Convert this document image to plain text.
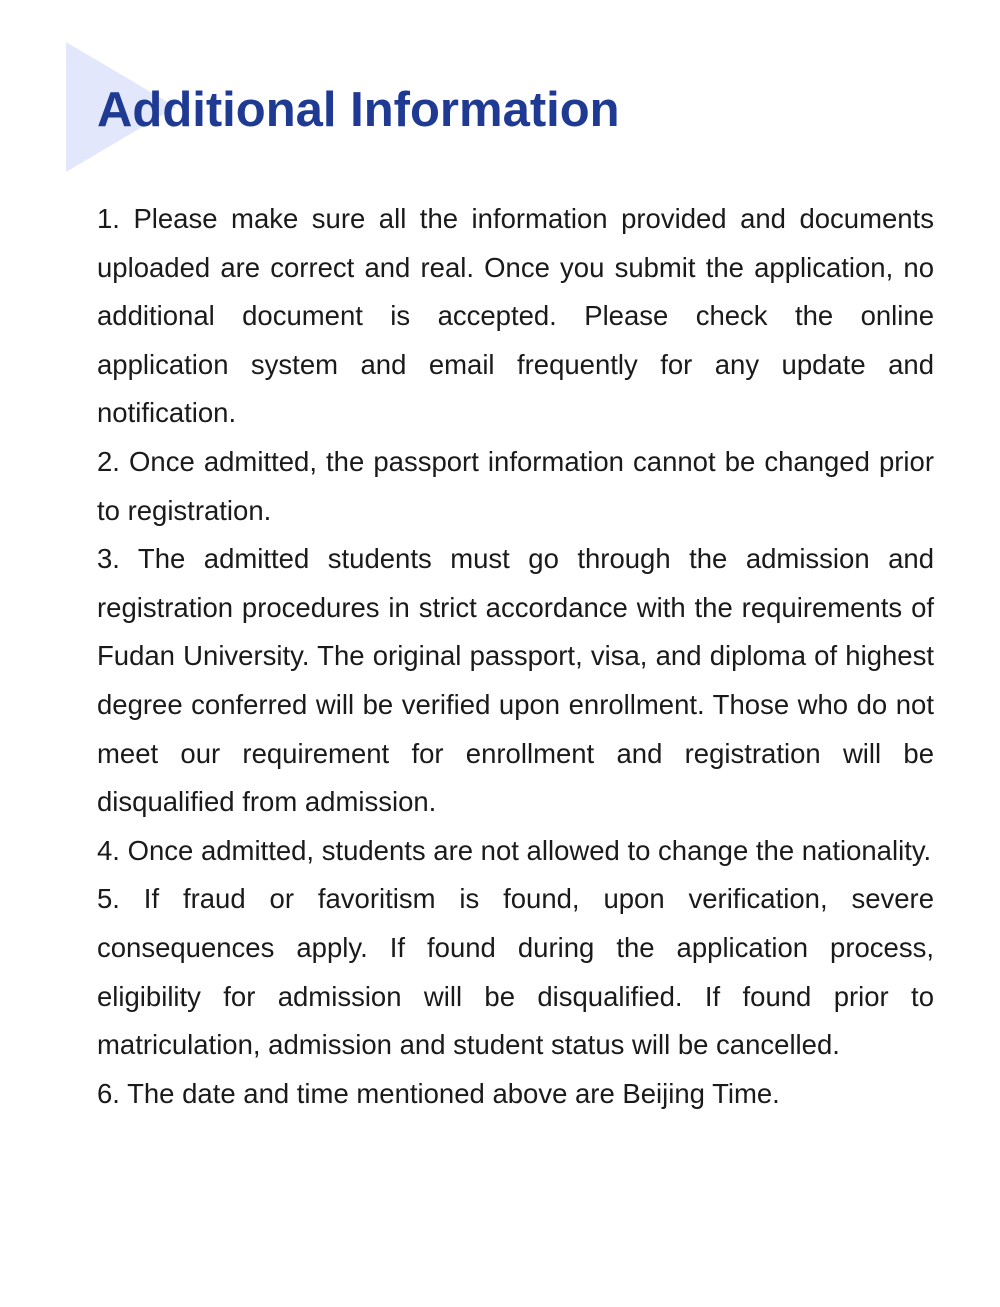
Additional Information

1. Please make sure all the information provided and documents uploaded are correct and real. Once you submit the application, no additional document is accepted. Please check the online application system and email frequently for any update and notification.

2. Once admitted, the passport information cannot be changed prior to registration.

3. The admitted students must go through the admission and registration procedures in strict accordance with the requirements of Fudan University. The original passport, visa, and diploma of highest degree conferred will be verified upon enrollment. Those who do not meet our requirement for enrollment and registration will be disqualified from admission.

4. Once admitted, students are not allowed to change the nationality.

5. If fraud or favoritism is found, upon verification, severe consequences apply. If found during the application process, eligibility for admission will be disqualified. If found prior to matriculation, admission and student status will be cancelled.

6. The date and time mentioned above are Beijing Time.
